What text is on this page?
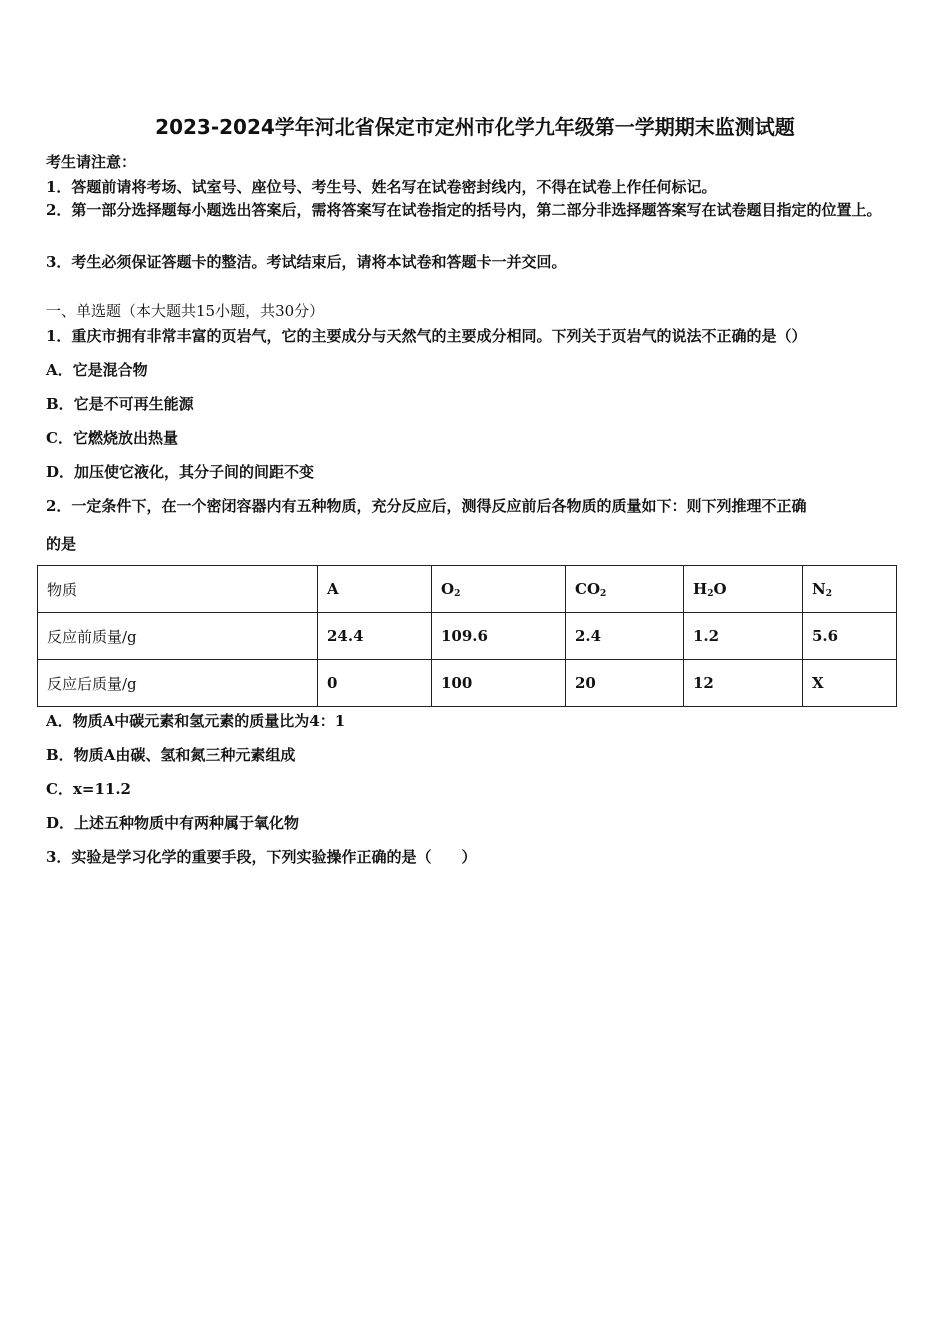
2023-2024学年河北省保定市定州市化学九年级第一学期期末监测试题
考生请注意：
1．答题前请将考场、试室号、座位号、考生号、姓名写在试卷密封线内，不得在试卷上作任何标记。
2．第一部分选择题每小题选出答案后，需将答案写在试卷指定的括号内，第二部分非选择题答案写在试卷题目指定的位置上。
3．考生必须保证答题卡的整洁。考试结束后，请将本试卷和答题卡一并交回。
一、单选题（本大题共15小题，共30分）
1．重庆市拥有非常丰富的页岩气，它的主要成分与天然气的主要成分相同。下列关于页岩气的说法不正确的是（）
A．它是混合物
B．它是不可再生能源
C．它燃烧放出热量
D．加压使它液化，其分子间的间距不变
2．一定条件下，在一个密闭容器内有五种物质，充分反应后，测得反应前后各物质的质量如下：则下列推理不正确
的是
物质	A	$O_2$	$CO_2$	$H_2O$	$N_2$
反应前质量/g	24.4	109.6	2.4	1.2	5.6
反应后质量/g	0	100	20	12	X
A．物质A中碳元素和氢元素的质量比为4：1
B．物质A由碳、氢和氮三种元素组成
C．x=11.2
D．上述五种物质中有两种属于氧化物
3．实验是学习化学的重要手段，下列实验操作正确的是（　　）
